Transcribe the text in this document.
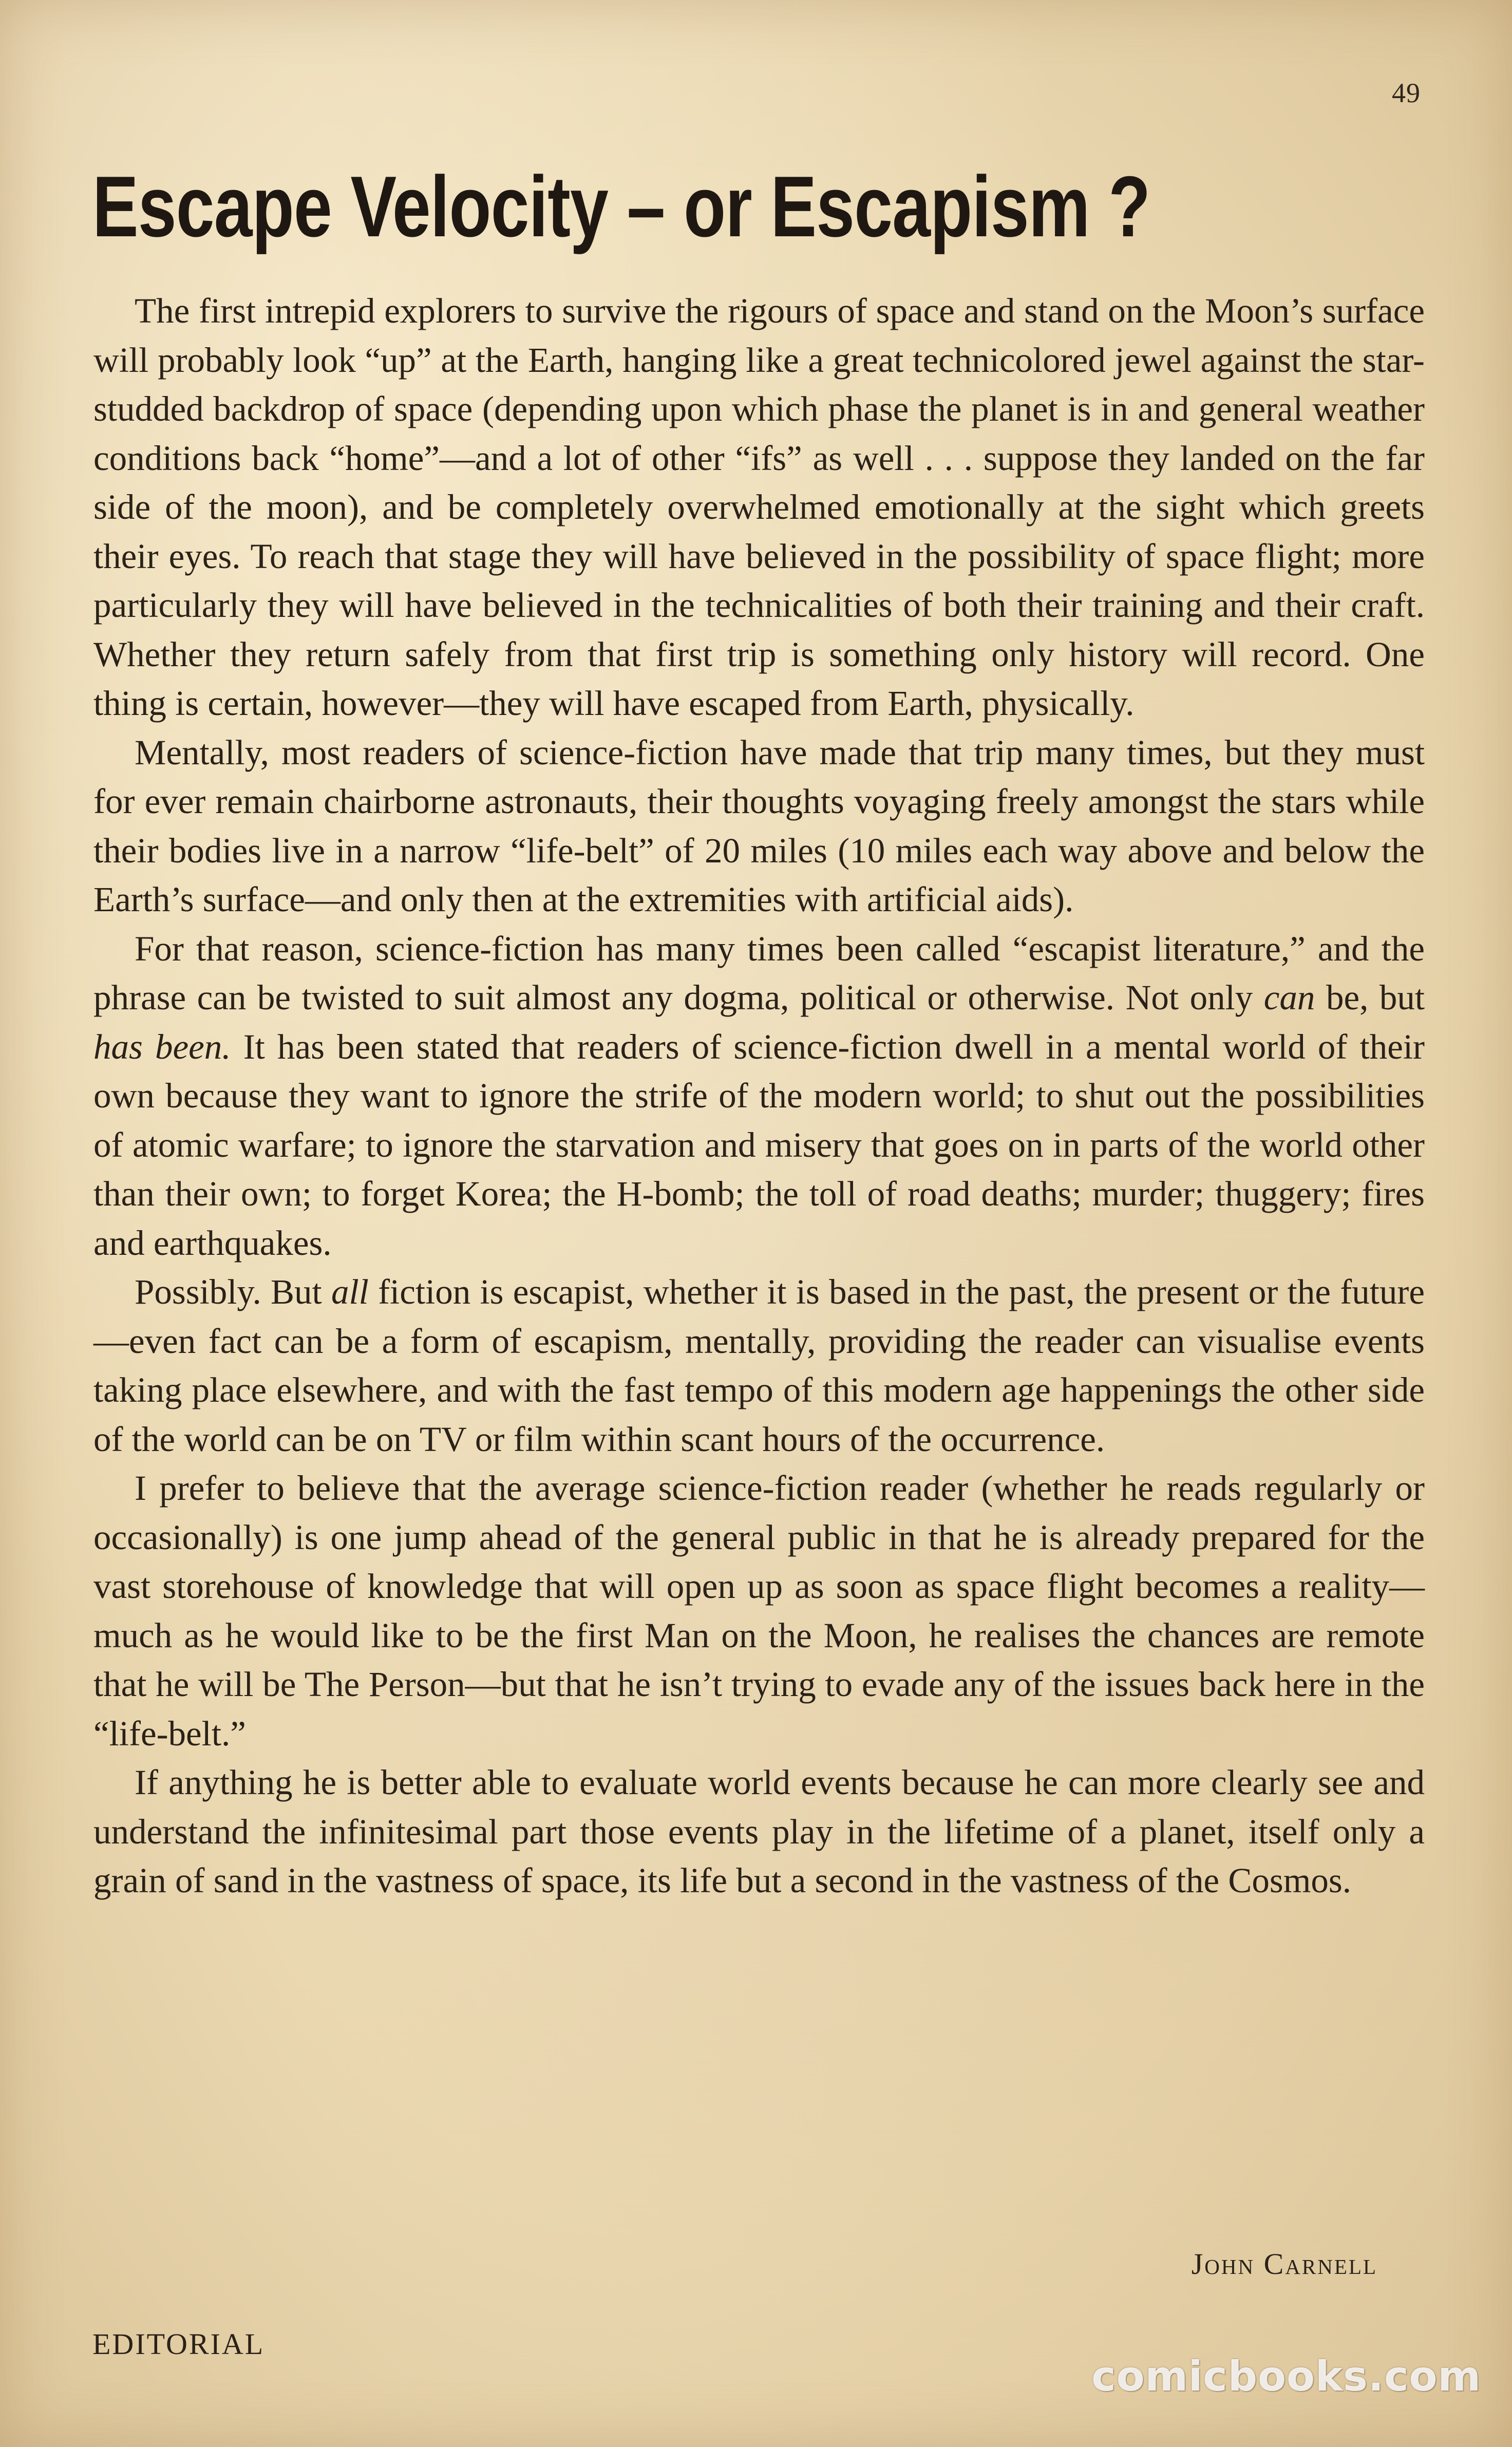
49
Escape Velocity – or Escapism ?

The first intrepid explorers to survive the rigours of space and stand on the Moon’s surface will probably look “up” at the Earth, hanging like a great technicolored jewel against the star-studded backdrop of space (depending upon which phase the planet is in and general weather conditions back “home”—and a lot of other “ifs” as well . . . suppose they landed on the far side of the moon), and be completely overwhelmed emotionally at the sight which greets their eyes. To reach that stage they will have believed in the possibility of space flight; more particularly they will have believed in the technicalities of both their training and their craft. Whether they return safely from that first trip is something only history will record. One thing is certain, however—they will have escaped from Earth, physically.

Mentally, most readers of science-fiction have made that trip many times, but they must for ever remain chairborne astronauts, their thoughts voyaging freely amongst the stars while their bodies live in a narrow “life-belt” of 20 miles (10 miles each way above and below the Earth’s surface—and only then at the extremities with artificial aids).

For that reason, science-fiction has many times been called “escapist literature,” and the phrase can be twisted to suit almost any dogma, political or otherwise. Not only can be, but has been. It has been stated that readers of science-fiction dwell in a mental world of their own because they want to ignore the strife of the modern world; to shut out the possibilities of atomic warfare; to ignore the starvation and misery that goes on in parts of the world other than their own; to forget Korea; the H-bomb; the toll of road deaths; murder; thuggery; fires and earthquakes.

Possibly. But all fiction is escapist, whether it is based in the past, the present or the future—even fact can be a form of escapism, mentally, providing the reader can visualise events taking place elsewhere, and with the fast tempo of this modern age happenings the other side of the world can be on TV or film within scant hours of the occurrence.

I prefer to believe that the average science-fiction reader (whether he reads regularly or occasionally) is one jump ahead of the general public in that he is already prepared for the vast storehouse of knowledge that will open up as soon as space flight becomes a reality—much as he would like to be the first Man on the Moon, he realises the chances are remote that he will be The Person—but that he isn’t trying to evade any of the issues back here in the “life-belt.”

If anything he is better able to evaluate world events because he can more clearly see and understand the infinitesimal part those events play in the lifetime of a planet, itself only a grain of sand in the vastness of space, its life but a second in the vastness of the Cosmos.

John Carnell
EDITORIAL
comicbooks.com
